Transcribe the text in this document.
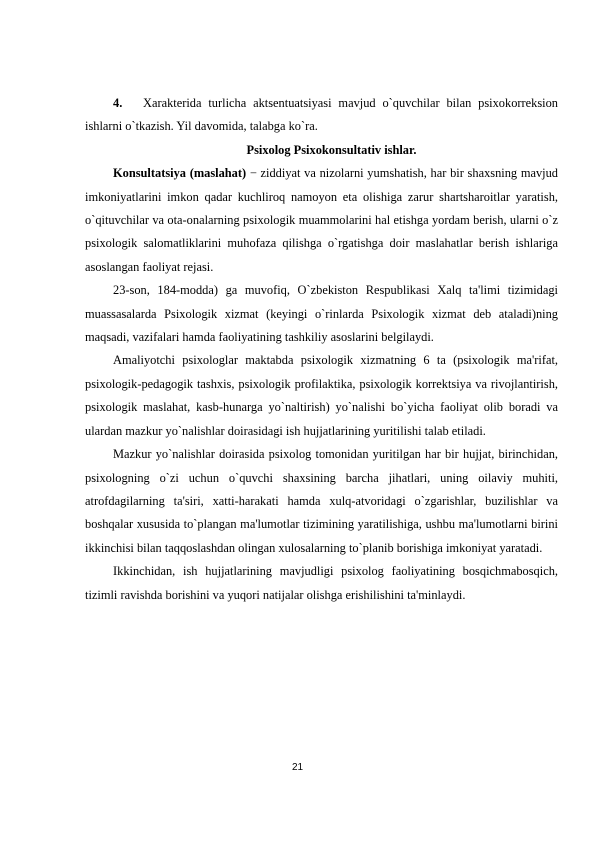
4. Xarakterida turlicha aktsentuatsiyasi mavjud o`quvchilar bilan psixokorreksion ishlarni o`tkazish. Yil davomida, talabga ko`ra.

Psixolog Psixokonsultativ ishlar.

Konsultatsiya (maslahat) − ziddiyat va nizolarni yumshatish, har bir shaxsning mavjud imkoniyatlarini imkon qadar kuchliroq namoyon eta olishiga zarur shartsharoitlar yaratish, o`qituvchilar va ota-onalarning psixologik muammolarini hal etishga yordam berish, ularni o`z psixologik salomatliklarini muhofaza qilishga o`rgatishga doir maslahatlar berish ishlariga asoslangan faoliyat rejasi.

23-son, 184-modda) ga muvofiq, O`zbekiston Respublikasi Xalq ta'limi tizimidagi muassasalarda Psixologik xizmat (keyingi o`rinlarda Psixologik xizmat deb ataladi)ning maqsadi, vazifalari hamda faoliyatining tashkiliy asoslarini belgilaydi.

Amaliyotchi psixologlar maktabda psixologik xizmatning 6 ta (psixologik ma'rifat, psixologik-pedagogik tashxis, psixologik profilaktika, psixologik korrektsiya va rivojlantirish, psixologik maslahat, kasb-hunarga yo`naltirish) yo`nalishi bo`yicha faoliyat olib boradi va ulardan mazkur yo`nalishlar doirasidagi ish hujjatlarining yuritilishi talab etiladi.

Mazkur yo`nalishlar doirasida psixolog tomonidan yuritilgan har bir hujjat, birinchidan, psixologning o`zi uchun o`quvchi shaxsining barcha jihatlari, uning oilaviy muhiti, atrofdagilarning ta'siri, xatti-harakati hamda xulq-atvoridagi o`zgarishlar, buzilishlar va boshqalar xususida to`plangan ma'lumotlar tizimining yaratilishiga, ushbu ma'lumotlarni birini ikkinchisi bilan taqqoslashdan olingan xulosalarning to`planib borishiga imkoniyat yaratadi.

Ikkinchidan, ish hujjatlarining mavjudligi psixolog faoliyatining bosqichmabosqich, tizimli ravishda borishini va yuqori natijalar olishga erishilishini ta'minlaydi.

21
